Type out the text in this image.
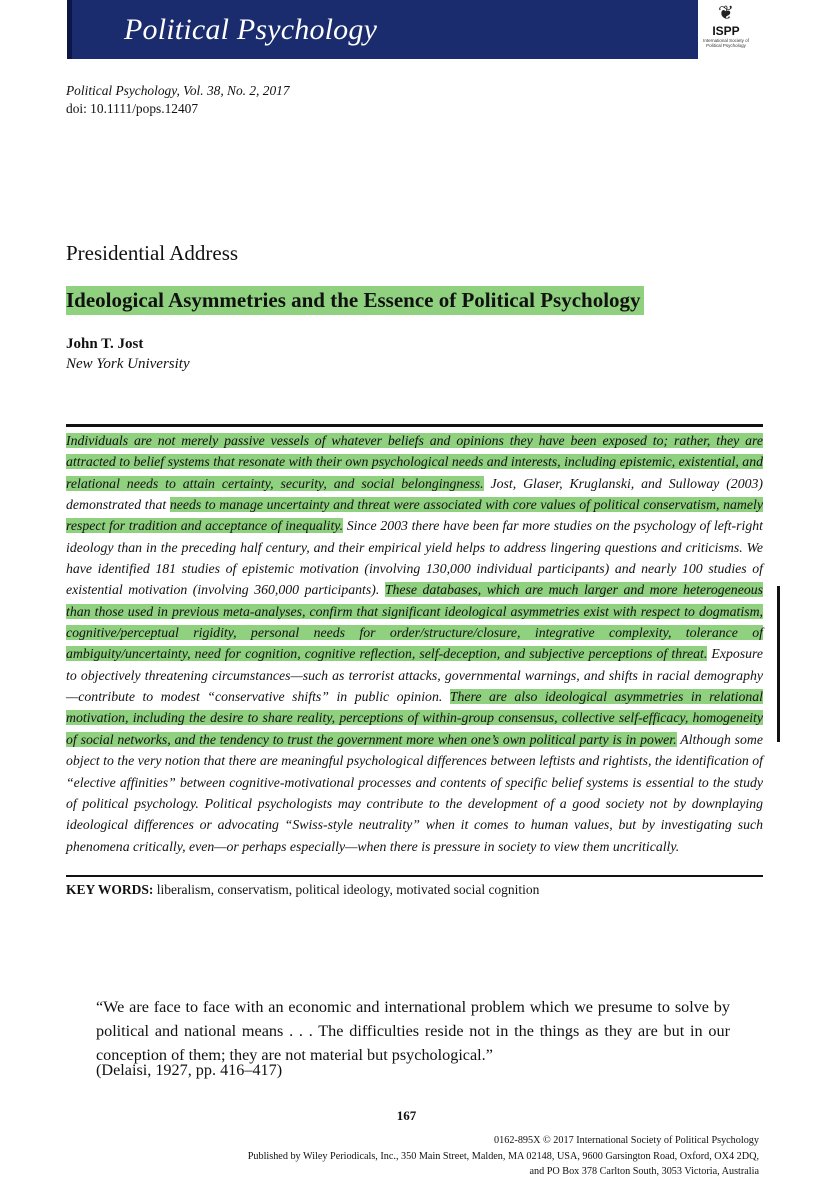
Political Psychology	❦
ISPP
International Society of Political Psychology
Political Psychology, Vol. 38, No. 2, 2017
doi: 10.1111/pops.12407
Presidential Address
Ideological Asymmetries and the Essence of Political Psychology
John T. Jost
New York University
Individuals are not merely passive vessels of whatever beliefs and opinions they have been exposed to; rather, they are attracted to belief systems that resonate with their own psychological needs and interests, including epistemic, existential, and relational needs to attain certainty, security, and social belongingness. Jost, Glaser, Kruglanski, and Sulloway (2003) demonstrated that needs to manage uncertainty and threat were associated with core values of political conservatism, namely respect for tradition and acceptance of inequality. Since 2003 there have been far more studies on the psychology of left-right ideology than in the preceding half century, and their empirical yield helps to address lingering questions and criticisms. We have identified 181 studies of epistemic motivation (involving 130,000 individual participants) and nearly 100 studies of existential motivation (involving 360,000 participants). These databases, which are much larger and more heterogeneous than those used in previous meta-analyses, confirm that significant ideological asymmetries exist with respect to dogmatism, cognitive/perceptual rigidity, personal needs for order/structure/closure, integrative complexity, tolerance of ambiguity/uncertainty, need for cognition, cognitive reflection, self-deception, and subjective perceptions of threat. Exposure to objectively threatening circumstances—such as terrorist attacks, governmental warnings, and shifts in racial demography—contribute to modest “conservative shifts” in public opinion. There are also ideological asymmetries in relational motivation, including the desire to share reality, perceptions of within-group consensus, collective self-efficacy, homogeneity of social networks, and the tendency to trust the government more when one’s own political party is in power. Although some object to the very notion that there are meaningful psychological differences between leftists and rightists, the identification of “elective affinities” between cognitive-motivational processes and contents of specific belief systems is essential to the study of political psychology. Political psychologists may contribute to the development of a good society not by downplaying ideological differences or advocating “Swiss-style neutrality” when it comes to human values, but by investigating such phenomena critically, even—or perhaps especially—when there is pressure in society to view them uncritically.
KEY WORDS: liberalism, conservatism, political ideology, motivated social cognition
“We are face to face with an economic and international problem which we presume to solve by political and national means . . . The difficulties reside not in the things as they are but in our conception of them; they are not material but psychological.”
(Delaisi, 1927, pp. 416–417)
167
0162-895X © 2017 International Society of Political Psychology
Published by Wiley Periodicals, Inc., 350 Main Street, Malden, MA 02148, USA, 9600 Garsington Road, Oxford, OX4 2DQ,
and PO Box 378 Carlton South, 3053 Victoria, Australia
